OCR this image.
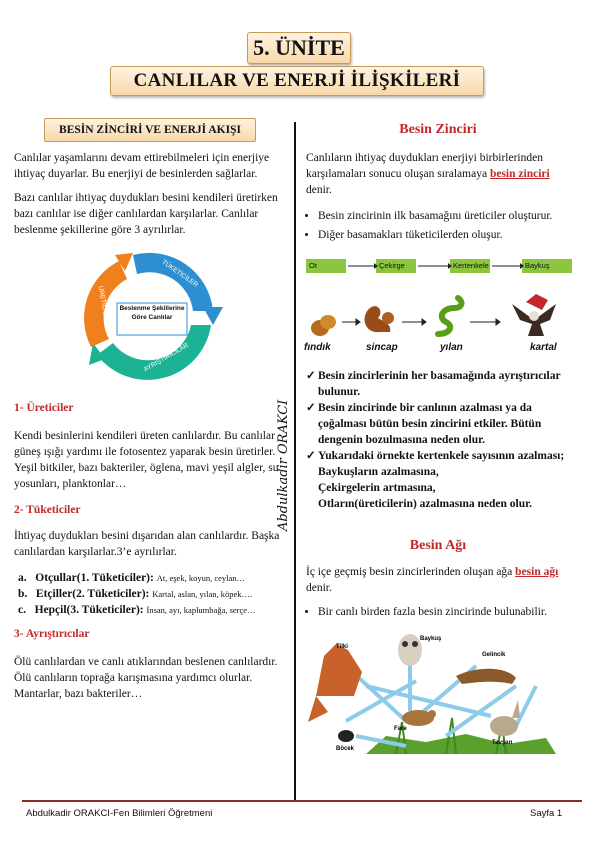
5. ÜNİTE
CANLILAR VE ENERJİ İLİŞKİLERİ
BESİN ZİNCİRİ VE ENERJİ AKIŞI
Canlılar yaşamlarını devam ettirebilmeleri için enerjiye ihtiyaç duyarlar. Bu enerjiyi de besinlerden sağlarlar.
Bazı canlılar ihtiyaç duydukları besini kendileri üretirken bazı canlılar ise diğer canlılardan karşılarlar. Canlılar beslenme şekillerine göre 3 ayrılırlar.
Beslenme Şekillerine Göre Canlılar
TÜKETİCİLER
ÜRETİCİLER
AYRIŞTIRICILAR
1- Üreticiler
Kendi besinlerini kendileri üreten canlılardır. Bu canlılar güneş ışığı yardımı ile fotosentez yaparak besin üretirler. Yeşil bitkiler, bazı bakteriler, öglena, mavi yeşil algler, su yosunları, planktonlar…
2- Tüketiciler
İhtiyaç duydukları besini dışarıdan alan canlılardır. Başka canlılardan karşılarlar.3’e ayrılırlar.
a. Otçullar(1. Tüketiciler): At, eşek, koyun, ceylan…
b. Etçiller(2. Tüketiciler): Kartal, aslan, yılan, köpek….
c. Hepçil(3. Tüketiciler): İnsan, ayı, kaplumbağa, serçe…
3- Ayrıştırıcılar
Ölü canlılardan ve canlı atıklarından beslenen canlılardır. Ölü canlıların toprağa karışmasına yardımcı olurlar. Mantarlar, bazı bakteriler…
Abdulkadir ORAKCI
Besin Zinciri
Canlıların ihtiyaç duydukları enerjiyi birbirlerinden karşılamaları sonucu oluşan sıralamaya besin zinciri denir.
• Besin zincirinin ilk basamağını üreticiler oluşturur.
• Diğer basamakları tüketicilerden oluşur.
Ot	Çekirge	Kertenkele	Baykuş
fındık	sincap	yılan	kartal
✓ Besin zincirlerinin her basamağında ayrıştırıcılar bulunur.
✓ Besin zincirinde bir canlının azalması ya da çoğalması bütün besin zincirini etkiler. Bütün dengenin bozulmasına neden olur.
✓ Yukarıdaki örnekte kertenkele sayısının azalması;
Baykuşların azalmasına,
Çekirgelerin artmasına,
Otların(üreticilerin) azalmasına neden olur.
Besin Ağı
İç içe geçmiş besin zincirlerinden oluşan ağa besin ağı denir.
• Bir canlı birden fazla besin zincirinde bulunabilir.
Tilki
Baykuş
Gelincik
Fare
Tavşan
Böcek
Abdulkadir ORAKCI-Fen Bilimleri Öğretmeni	Sayfa 1
